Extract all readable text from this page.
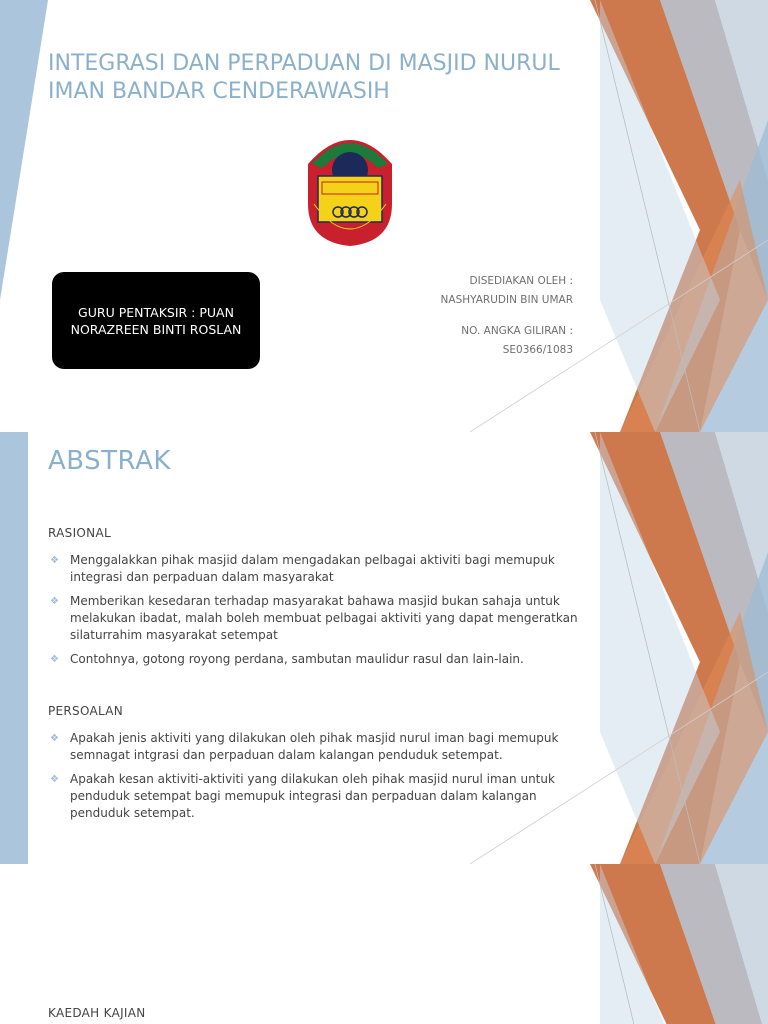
INTEGRASI DAN PERPADUAN DI MASJID NURUL IMAN BANDAR CENDERAWASIH
GURU PENTAKSIR : PUAN NORAZREEN BINTI ROSLAN
DISEDIAKAN OLEH :
NASHYARUDIN BIN UMAR
NO. ANGKA GILIRAN :
SE0366/1083
ABSTRAK
RASIONAL
❖ Menggalakkan pihak masjid dalam mengadakan pelbagai aktiviti bagi memupuk integrasi dan perpaduan dalam masyarakat
❖ Memberikan kesedaran terhadap masyarakat bahawa masjid bukan sahaja untuk melakukan ibadat, malah boleh membuat pelbagai aktiviti yang dapat mengeratkan silaturrahim masyarakat setempat
❖ Contohnya, gotong royong perdana, sambutan maulidur rasul dan lain-lain.
PERSOALAN
❖ Apakah jenis aktiviti yang dilakukan oleh pihak masjid nurul iman bagi memupuk semnagat intgrasi dan perpaduan dalam kalangan penduduk setempat.
❖ Apakah kesan aktiviti-aktiviti yang dilakukan oleh pihak masjid nurul iman untuk penduduk setempat bagi memupuk integrasi dan perpaduan dalam kalangan penduduk setempat.
KAEDAH KAJIAN
